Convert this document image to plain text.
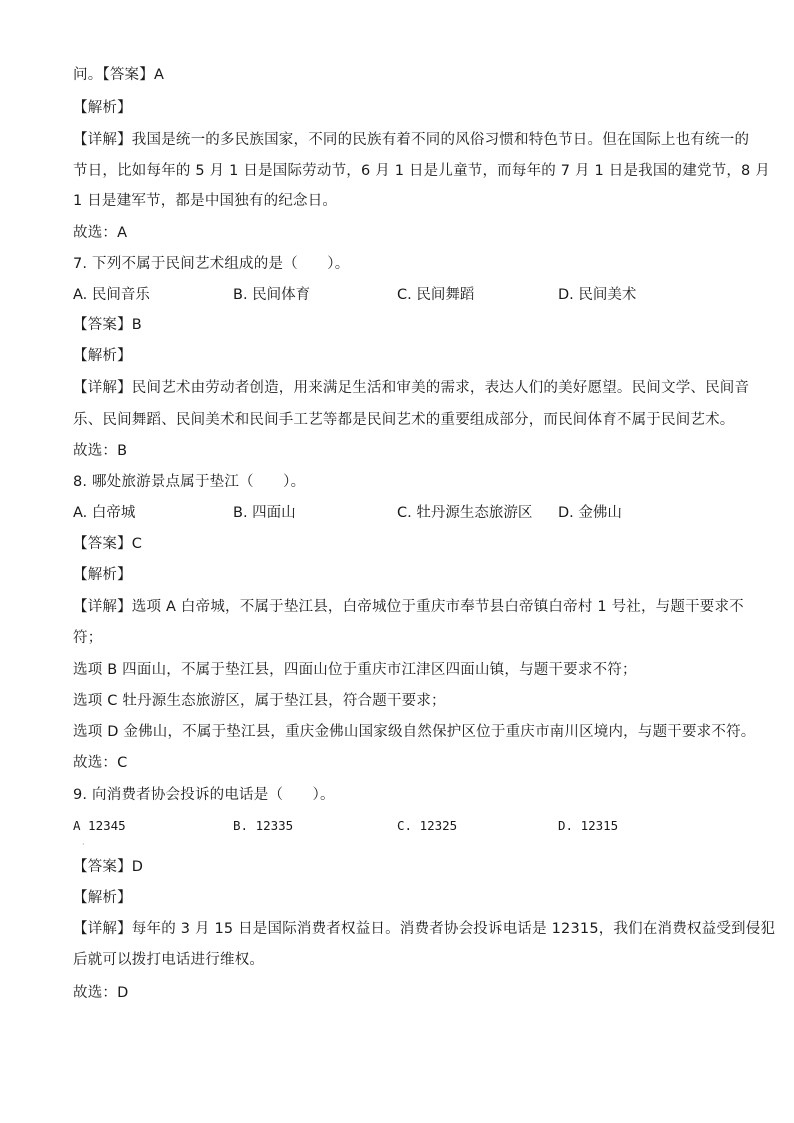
问。【答案】A
【解析】
【详解】我国是统一的多民族国家，不同的民族有着不同的风俗习惯和特色节日。但在国际上也有统一的
节日，比如每年的 5 月 1 日是国际劳动节，6 月 1 日是儿童节，而每年的 7 月 1 日是我国的建党节，8 月
1 日是建军节，都是中国独有的纪念日。
故选：A
7. 下列不属于民间艺术组成的是（　　）。
A. 民间音乐	B. 民间体育	C. 民间舞蹈	D. 民间美术
【答案】B
【解析】
【详解】民间艺术由劳动者创造，用来满足生活和审美的需求，表达人们的美好愿望。民间文学、民间音
乐、民间舞蹈、民间美术和民间手工艺等都是民间艺术的重要组成部分，而民间体育不属于民间艺术。
故选：B
8. 哪处旅游景点属于垫江（　　）。
A. 白帝城	B. 四面山	C. 牡丹源生态旅游区 D. 金佛山
【答案】C
【解析】
【详解】选项 A 白帝城，不属于垫江县，白帝城位于重庆市奉节县白帝镇白帝村 1 号社，与题干要求不
符；
选项 B 四面山，不属于垫江县，四面山位于重庆市江津区四面山镇，与题干要求不符；
选项 C 牡丹源生态旅游区，属于垫江县，符合题干要求；
选项 D 金佛山，不属于垫江县，重庆金佛山国家级自然保护区位于重庆市南川区境内，与题干要求不符。
故选：C
9. 向消费者协会投诉的电话是（　　）。
A 12345	B. 12335	C. 12325	D. 12315
·
【答案】D
【解析】
【详解】每年的 3 月 15 日是国际消费者权益日。消费者协会投诉电话是 12315，我们在消费权益受到侵犯
后就可以拨打电话进行维权。
故选：D
